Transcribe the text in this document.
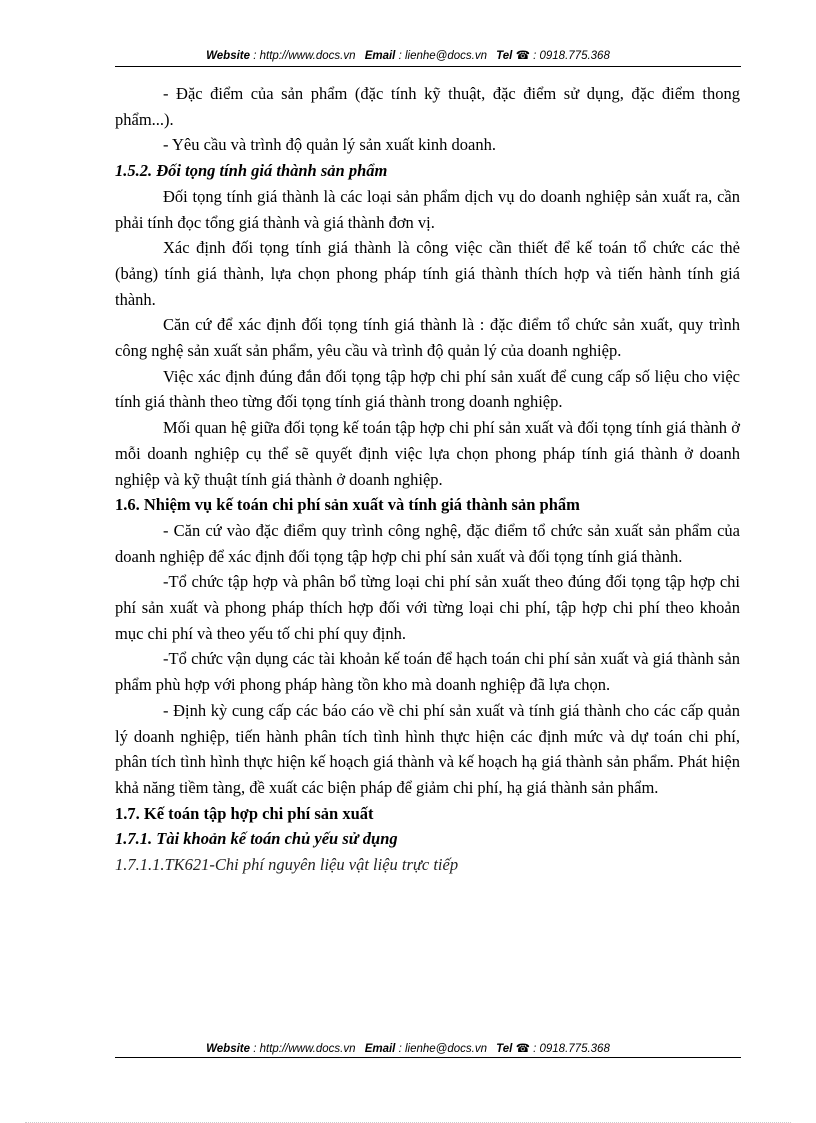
Website : http://www.docs.vn Email : lienhe@docs.vn Tel ☎ : 0918.775.368

- Đặc điểm của sản phẩm (đặc tính kỹ thuật, đặc điểm sử dụng, đặc điểm thong phẩm...).

- Yêu cầu và trình độ quản lý sản xuất kinh doanh.

1.5.2. Đối tọng tính giá thành sản phẩm

Đối tọng tính giá thành là các loại sản phẩm dịch vụ do doanh nghiệp sản xuất ra, cần phải tính đọc tổng giá thành và giá thành đơn vị.

Xác định đối tọng tính giá thành là công việc cần thiết để kế toán tổ chức các thẻ (bảng) tính giá thành, lựa chọn phong pháp tính giá thành thích hợp và tiến hành tính giá thành.

Căn cứ để xác định đối tọng tính giá thành là : đặc điểm tổ chức sản xuất, quy trình công nghệ sản xuất sản phẩm, yêu cầu và trình độ quản lý của doanh nghiệp.

Việc xác định đúng đắn đối tọng tập hợp chi phí sản xuất để cung cấp số liệu cho việc tính giá thành theo từng đối tọng tính giá thành trong doanh nghiệp.

Mối quan hệ giữa đối tọng kế toán tập hợp chi phí sản xuất và đối tọng tính giá thành ở mỗi doanh nghiệp cụ thể sẽ quyết định việc lựa chọn phong pháp tính giá thành ở doanh nghiệp và kỹ thuật tính giá thành ở doanh nghiệp.

1.6. Nhiệm vụ kế toán chi phí sản xuất và tính giá thành sản phẩm

- Căn cứ vào đặc điểm quy trình công nghệ, đặc điểm tổ chức sản xuất sản phẩm của doanh nghiệp để xác định đối tọng tập hợp chi phí sản xuất và đối tọng tính giá thành.

-Tổ chức tập hợp và phân bổ từng loại chi phí sản xuất theo đúng đối tọng tập hợp chi phí sản xuất và phong pháp thích hợp đối với từng loại chi phí, tập hợp chi phí theo khoản mục chi phí và theo yếu tố chi phí quy định.

-Tổ chức vận dụng các tài khoản kế toán để hạch toán chi phí sản xuất và giá thành sản phẩm phù hợp với phong pháp hàng tồn kho mà doanh nghiệp đã lựa chọn.

- Định kỳ cung cấp các báo cáo về chi phí sản xuất và tính giá thành cho các cấp quản lý doanh nghiệp, tiến hành phân tích tình hình thực hiện các định mức và dự toán chi phí, phân tích tình hình thực hiện kế hoạch giá thành và kế hoạch hạ giá thành sản phẩm. Phát hiện khả năng tiềm tàng, đề xuất các biện pháp để giảm chi phí, hạ giá thành sản phẩm.

1.7. Kế toán tập hợp chi phí sản xuất

1.7.1. Tài khoản kế toán chủ yếu sử dụng

1.7.1.1.TK621-Chi phí nguyên liệu vật liệu trực tiếp

Website : http://www.docs.vn Email : lienhe@docs.vn Tel ☎ : 0918.775.368
